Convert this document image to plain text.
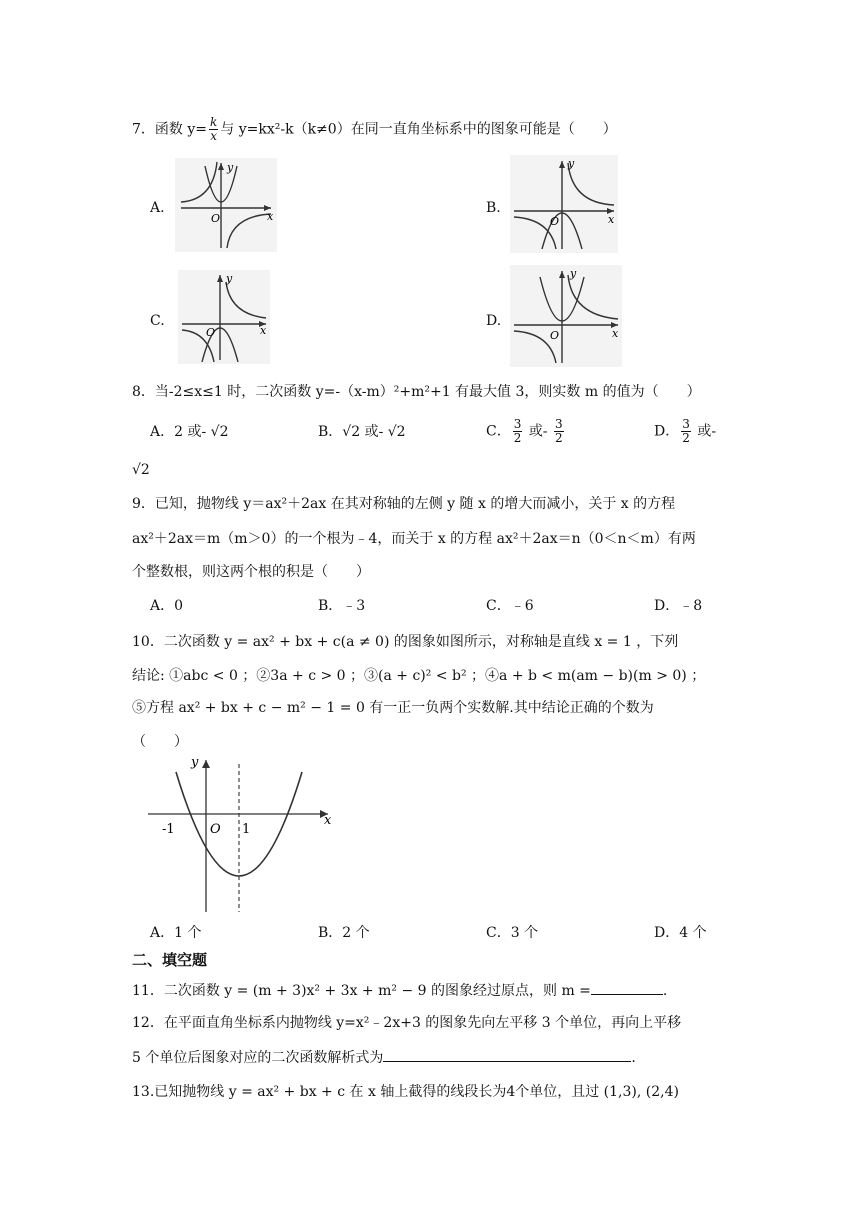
7．函数 $y= \frac{k}{x}$ 与 y=kx²-k（k≠0）在同一直角坐标系中的图象可能是（　　）
A.
y
x
O
B.
y
x
O
C.
y
x
O
D.
y
x
O
8．当-2≤x≤1 时，二次函数 y=-（x-m）²+m²+1 有最大值 3，则实数 m 的值为（　　）
A．2 或- √2	B．√2 或- √2	C． $\frac{3}{2}$ 或- $\frac{3}{2}$	D． $\frac{3}{2}$ 或-
√2
9．已知，抛物线 y＝ax²＋2ax 在其对称轴的左侧 y 随 x 的增大而减小，关于 x 的方程
ax²＋2ax＝m（m＞0）的一个根为﹣4，而关于 x 的方程 ax²＋2ax＝n（0＜n＜m）有两
个整数根，则这两个根的积是（　　）
A．0	B．﹣3	C．﹣6	D．﹣8
10．二次函数 y = ax² + bx + c(a ≠ 0) 的图象如图所示，对称轴是直线 x = 1 ，下列
结论: ①abc < 0 ；②3a + c > 0 ；③(a + c)² < b² ；④a + b < m(am − b)(m > 0) ；
⑤方程 ax² + bx + c − m² − 1 = 0 有一正一负两个实数解.其中结论正确的个数为
（　　）
y
x
-1	O 1
A．1 个	B．2 个	C．3 个	D．4 个
二、填空题
11．二次函数 y = (m + 3)x² + 3x + m² − 9 的图象经过原点，则 m =	.
12．在平面直角坐标系内抛物线 y=x²﹣2x+3 的图象先向左平移 3 个单位，再向上平移
5 个单位后图象对应的二次函数解析式为	.
13.已知抛物线 y = ax² + bx + c 在 x 轴上截得的线段长为4个单位，且过 (1,3), (2,4)
